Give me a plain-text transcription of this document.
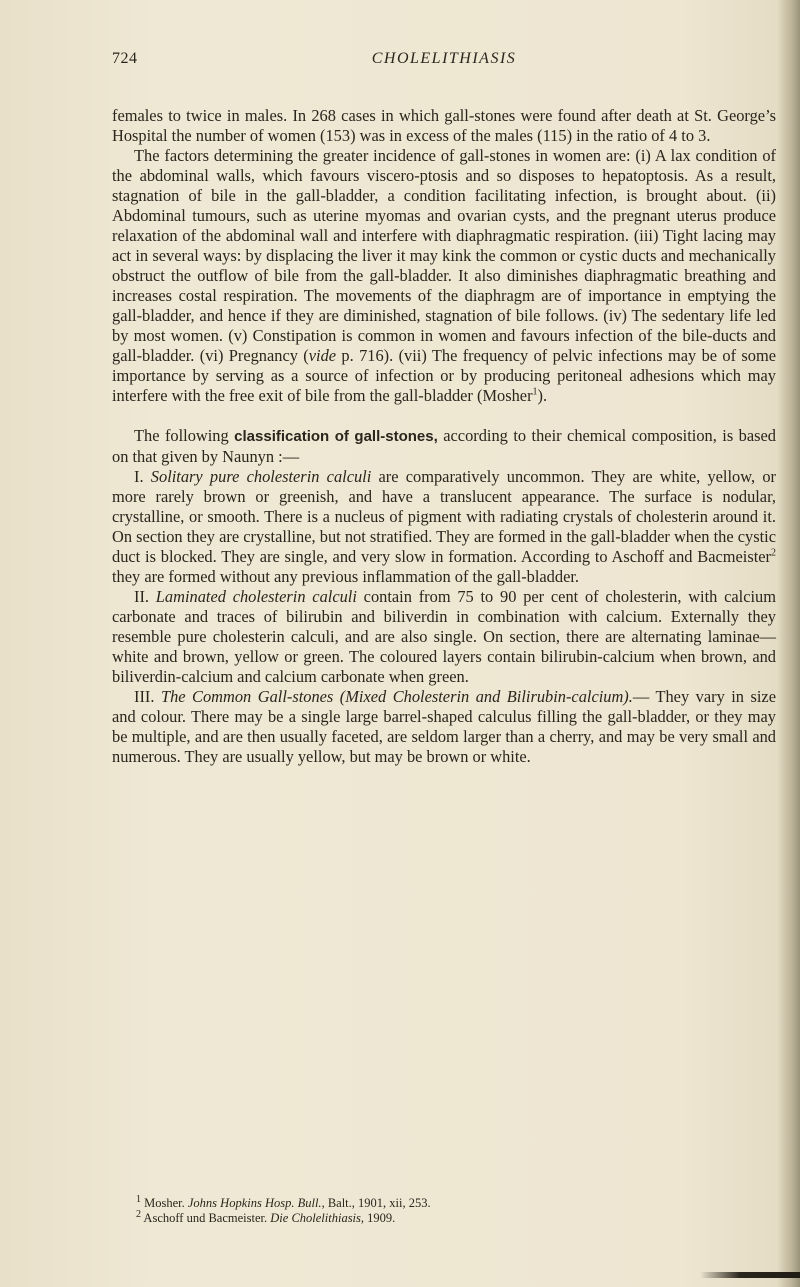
724	CHOLELITHIASIS

females to twice in males. In 268 cases in which gall-stones were found after death at St. George’s Hospital the number of women (153) was in excess of the males (115) in the ratio of 4 to 3.

The factors determining the greater incidence of gall-stones in women are: (i) A lax condition of the abdominal walls, which favours viscero-ptosis and so disposes to hepatoptosis. As a result, stagnation of bile in the gall-bladder, a condition facilitating infection, is brought about. (ii) Abdominal tumours, such as uterine myomas and ovarian cysts, and the pregnant uterus produce relaxation of the abdominal wall and interfere with diaphragmatic respiration. (iii) Tight lacing may act in several ways: by displacing the liver it may kink the common or cystic ducts and mechanically obstruct the outflow of bile from the gall-bladder. It also diminishes diaphragmatic breathing and increases costal respiration. The movements of the diaphragm are of importance in emptying the gall-bladder, and hence if they are diminished, stagnation of bile follows. (iv) The sedentary life led by most women. (v) Constipation is common in women and favours infection of the bile-ducts and gall-bladder. (vi) Pregnancy (vide p. 716). (vii) The frequency of pelvic infections may be of some importance by serving as a source of infection or by producing peritoneal adhesions which may interfere with the free exit of bile from the gall-bladder (Mosher$^1$).

The following classification of gall-stones, according to their chemical composition, is based on that given by Naunyn :—

I. Solitary pure cholesterin calculi are comparatively uncommon. They are white, yellow, or more rarely brown or greenish, and have a translucent appearance. The surface is nodular, crystalline, or smooth. There is a nucleus of pigment with radiating crystals of cholesterin around it. On section they are crystalline, but not stratified. They are formed in the gall-bladder when the cystic duct is blocked. They are single, and very slow in formation. According to Aschoff and Bacmeister$^2$ they are formed without any previous inflammation of the gall-bladder.

II. Laminated cholesterin calculi contain from 75 to 90 per cent of cholesterin, with calcium carbonate and traces of bilirubin and biliverdin in combination with calcium. Externally they resemble pure cholesterin calculi, and are also single. On section, there are alternating laminae—white and brown, yellow or green. The coloured layers contain bilirubin-calcium when brown, and biliverdin-calcium and calcium carbonate when green.

III. The Common Gall-stones (Mixed Cholesterin and Bilirubin-calcium).— They vary in size and colour. There may be a single large barrel-shaped calculus filling the gall-bladder, or they may be multiple, and are then usually faceted, are seldom larger than a cherry, and may be very small and numerous. They are usually yellow, but may be brown or white.

$^1$ Mosher. Johns Hopkins Hosp. Bull., Balt., 1901, xii, 253.

$^2$ Aschoff und Bacmeister. Die Cholelithiasis, 1909.
